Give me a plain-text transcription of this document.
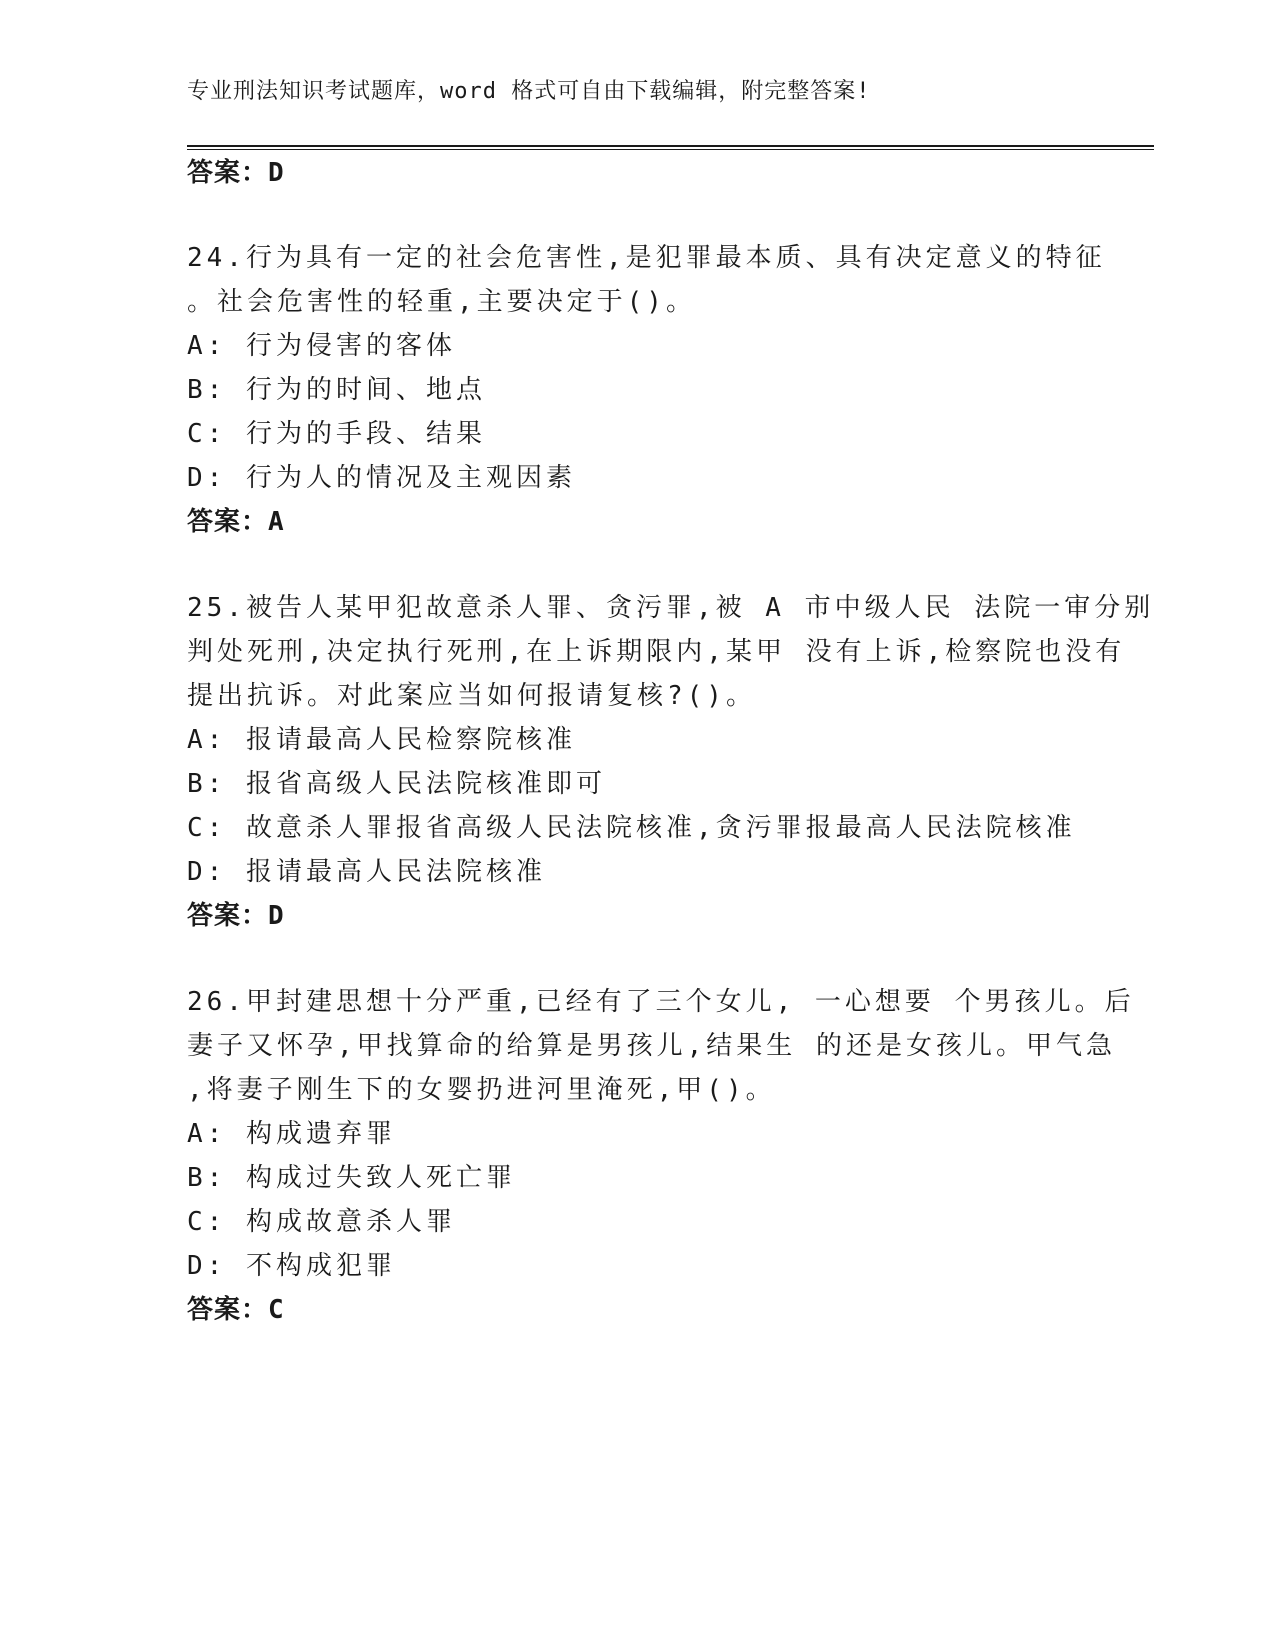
专业刑法知识考试题库，word 格式可自由下载编辑，附完整答案!
答案：D
24.行为具有一定的社会危害性,是犯罪最本质、具有决定意义的特征
。社会危害性的轻重,主要决定于()。
A: 行为侵害的客体
B: 行为的时间、地点
C: 行为的手段、结果
D: 行为人的情况及主观因素
答案：A
25.被告人某甲犯故意杀人罪、贪污罪,被 A 市中级人民 法院一审分别
判处死刑,决定执行死刑,在上诉期限内,某甲 没有上诉,检察院也没有
提出抗诉。对此案应当如何报请复核?()。
A: 报请最高人民检察院核准
B: 报省高级人民法院核准即可
C: 故意杀人罪报省高级人民法院核准,贪污罪报最高人民法院核准
D: 报请最高人民法院核准
答案：D
26.甲封建思想十分严重,已经有了三个女儿, 一心想要 个男孩儿。后
妻子又怀孕,甲找算命的给算是男孩儿,结果生 的还是女孩儿。甲气急
,将妻子刚生下的女婴扔进河里淹死,甲()。
A: 构成遗弃罪
B: 构成过失致人死亡罪
C: 构成故意杀人罪
D: 不构成犯罪
答案：C
